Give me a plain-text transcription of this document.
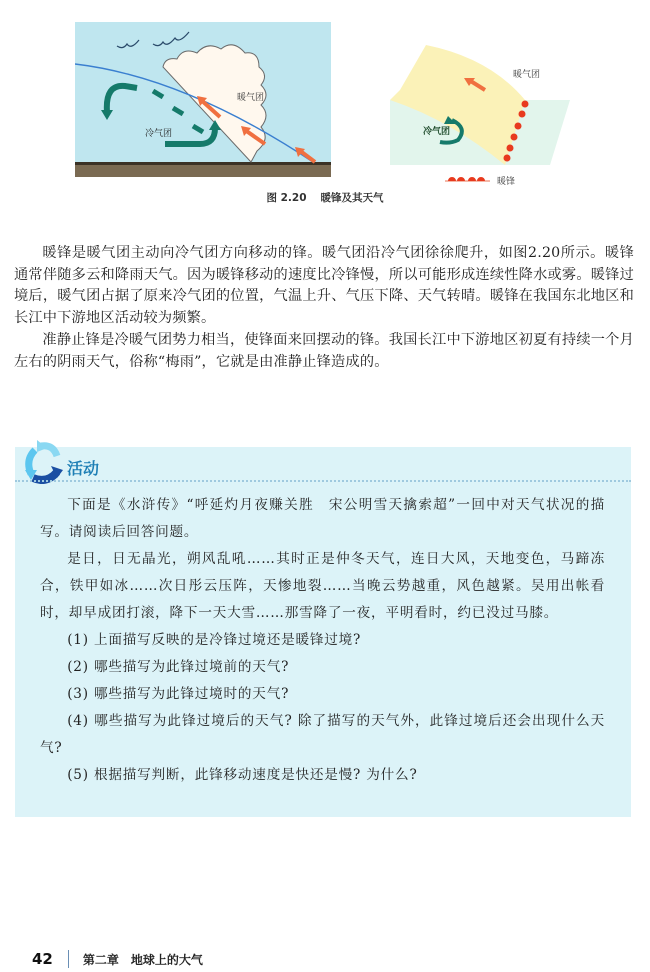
暖气团
冷气团
暖气团
冷气团
暖锋
图 2.20 暖锋及其天气

暖锋是暖气团主动向冷气团方向移动的锋。暖气团沿冷气团徐徐爬升，如图2.20所示。暖锋通常伴随多云和降雨天气。因为暖锋移动的速度比冷锋慢，所以可能形成连续性降水或雾。暖锋过境后，暖气团占据了原来冷气团的位置，气温上升、气压下降、天气转晴。暖锋在我国东北地区和长江中下游地区活动较为频繁。

准静止锋是冷暖气团势力相当，使锋面来回摆动的锋。我国长江中下游地区初夏有持续一个月左右的阴雨天气，俗称“梅雨”，它就是由准静止锋造成的。

活动

下面是《水浒传》“呼延灼月夜赚关胜　宋公明雪天擒索超”一回中对天气状况的描写。请阅读后回答问题。

是日，日无晶光，朔风乱吼……其时正是仲冬天气，连日大风，天地变色，马蹄冻合，铁甲如冰……次日彤云压阵，天惨地裂……当晚云势越重，风色越紧。吴用出帐看时，却早成团打滚，降下一天大雪……那雪降了一夜，平明看时，约已没过马膝。

(1) 上面描写反映的是冷锋过境还是暖锋过境?

(2) 哪些描写为此锋过境前的天气?

(3) 哪些描写为此锋过境时的天气?

(4) 哪些描写为此锋过境后的天气? 除了描写的天气外，此锋过境后还会出现什么天气?

(5) 根据描写判断，此锋移动速度是快还是慢? 为什么?

42	第二章 地球上的大气
